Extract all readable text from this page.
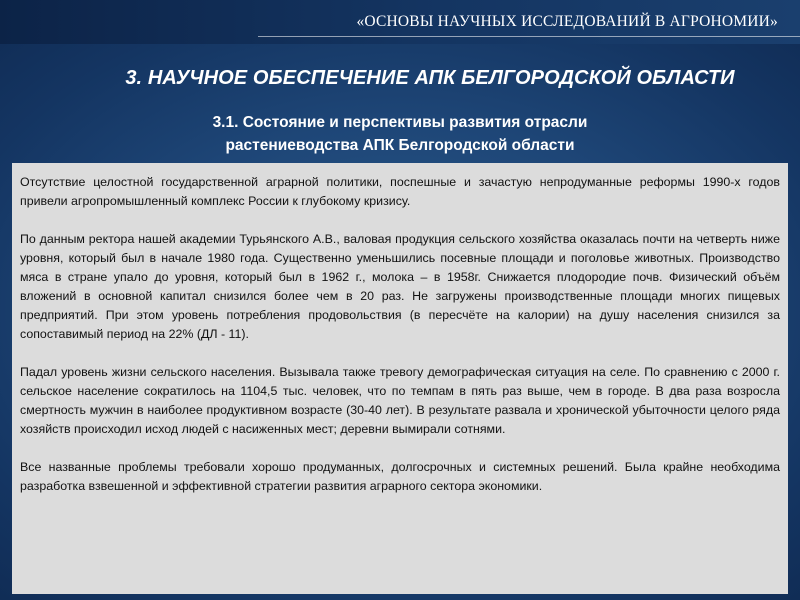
«ОСНОВЫ НАУЧНЫХ ИССЛЕДОВАНИЙ В АГРОНОМИИ»
3. НАУЧНОЕ ОБЕСПЕЧЕНИЕ АПК БЕЛГОРОДСКОЙ ОБЛАСТИ
3.1. Состояние и перспективы развития отрасли
растениеводства АПК Белгородской области

Отсутствие целостной государственной аграрной политики, поспешные и зачастую непродуманные реформы 1990-х годов привели агропромышленный комплекс России к глубокому кризису.

По данным ректора нашей академии Турьянского А.В., валовая продукция сельского хозяйства оказалась почти на четверть ниже уровня, который был в начале 1980 года. Существенно уменьшились посевные площади и поголовье животных. Производство мяса в стране упало до уровня, который был в 1962 г., молока – в 1958г. Снижается плодородие почв. Физический объём вложений в основной капитал снизился более чем в 20 раз. Не загружены производственные площади многих пищевых предприятий. При этом уровень потребления продовольствия (в пересчёте на калории) на душу населения снизился за сопоставимый период на 22% (ДЛ - 11).

Падал уровень жизни сельского населения. Вызывала также тревогу демографическая ситуация на селе. По сравнению с 2000 г. сельское население сократилось на 1104,5 тыс. человек, что по темпам в пять раз выше, чем в городе. В два раза возросла смертность мужчин в наиболее продуктивном возрасте (30-40 лет). В результате развала и хронической убыточности целого ряда хозяйств происходил исход людей с насиженных мест; деревни вымирали сотнями.

Все названные проблемы требовали хорошо продуманных, долгосрочных и системных решений. Была крайне необходима разработка взвешенной и эффективной стратегии развития аграрного сектора экономики.
